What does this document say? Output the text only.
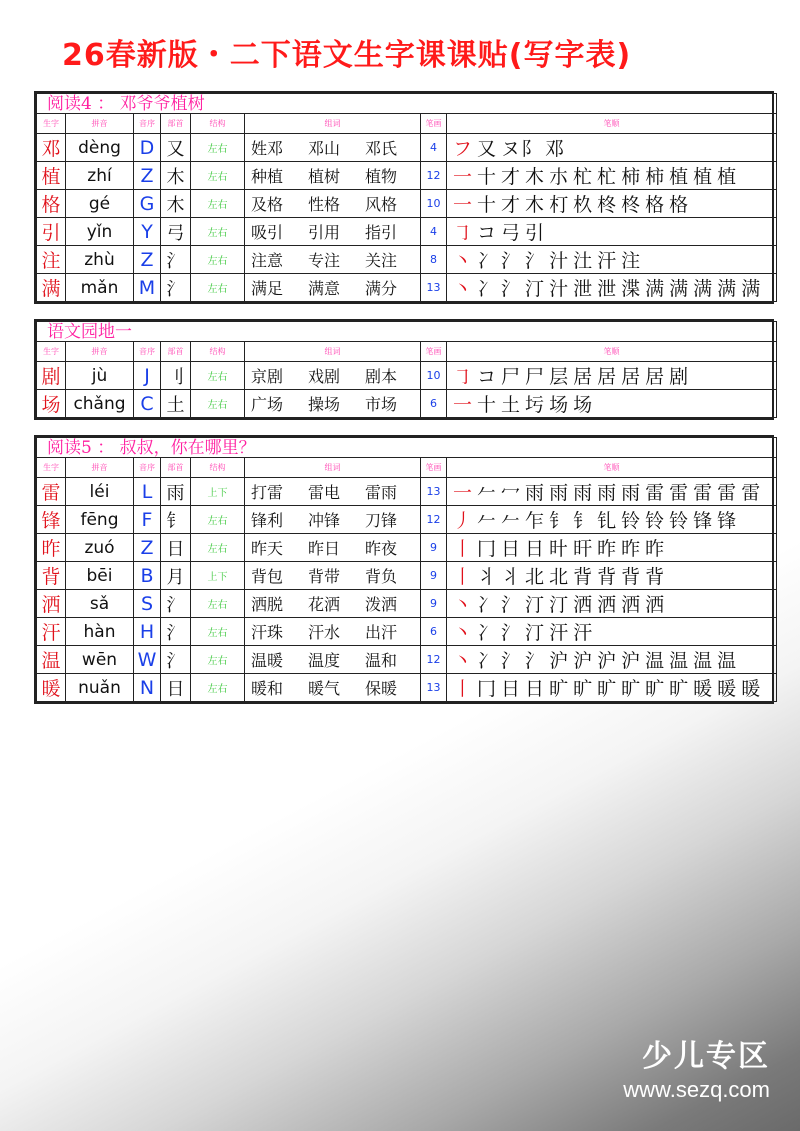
26春新版・二下语文生字课课贴(写字表)
阅读4 ： 邓爷爷植树							
生字	拼音	音序	部首	结构	组词	笔画	笔顺
邓	dèng	D	又	左右	姓邓 邓山 邓氏	4	フ 又 ヌ阝 邓
植	zhí	Z	木	左右	种植 植树 植物	12	一 十 才 木 朩 杧 杧 柿 柿 植 植 植
格	gé	G	木	左右	及格 性格 风格	10	一 十 才 木 朾 杦 柊 柊 格 格
引	yǐn	Y	弓	左右	吸引 引用 指引	4	㇆ コ 弓 引
注	zhù	Z	氵	左右	注意 专注 关注	8	丶 冫 氵 氵 汁 汢 汗 注
满	mǎn	M	氵	左右	满足 满意 满分	13	丶 冫 氵 汀 汁 泄 泄 渫 满 满 满 满 满
语文园地一							
生字	拼音	音序	部首	结构	组词	笔画	笔顺
剧	jù	J	刂	左右	京剧 戏剧 剧本	10	㇆ コ 尸 尸 层 居 居 居 居 剧
场	chǎng	C	土	左右	广场 操场 市场	6	一 十 土 圬 场 场
阅读5 ： 叔叔，你在哪里？							
生字	拼音	音序	部首	结构	组词	笔画	笔顺
雷	léi	L	雨	上下	打雷 雷电 雷雨	13	一 𠂉 冖 雨 雨 雨 雨 雨 雷 雷 雷 雷 雷
锋	fēng	F	钅	左右	锋利 冲锋 刀锋	12	丿 𠂉 𠂉 乍 钅 钅 钆 铃 铃 铃 锋 锋
昨	zuó	Z	日	左右	昨天 昨日 昨夜	9	丨 冂 日 日 旪 旰 昨 昨 昨
背	bēi	B	月	上下	背包 背带 背负	9	丨 丬 丬 北 北 背 背 背 背
洒	sǎ	S	氵	左右	洒脱 花洒 泼洒	9	丶 冫 氵 汀 汀 洒 洒 洒 洒
汗	hàn	H	氵	左右	汗珠 汗水 出汗	6	丶 冫 氵 汀 汗 汗
温	wēn	W	氵	左右	温暖 温度 温和	12	丶 冫 氵 氵 沪 沪 沪 沪 温 温 温 温
暖	nuǎn	N	日	左右	暖和 暖气 保暖	13	丨 冂 日 日 旷 旷 旷 旷 旷 旷 暖 暖 暖
少儿专区
www.sezq.com
